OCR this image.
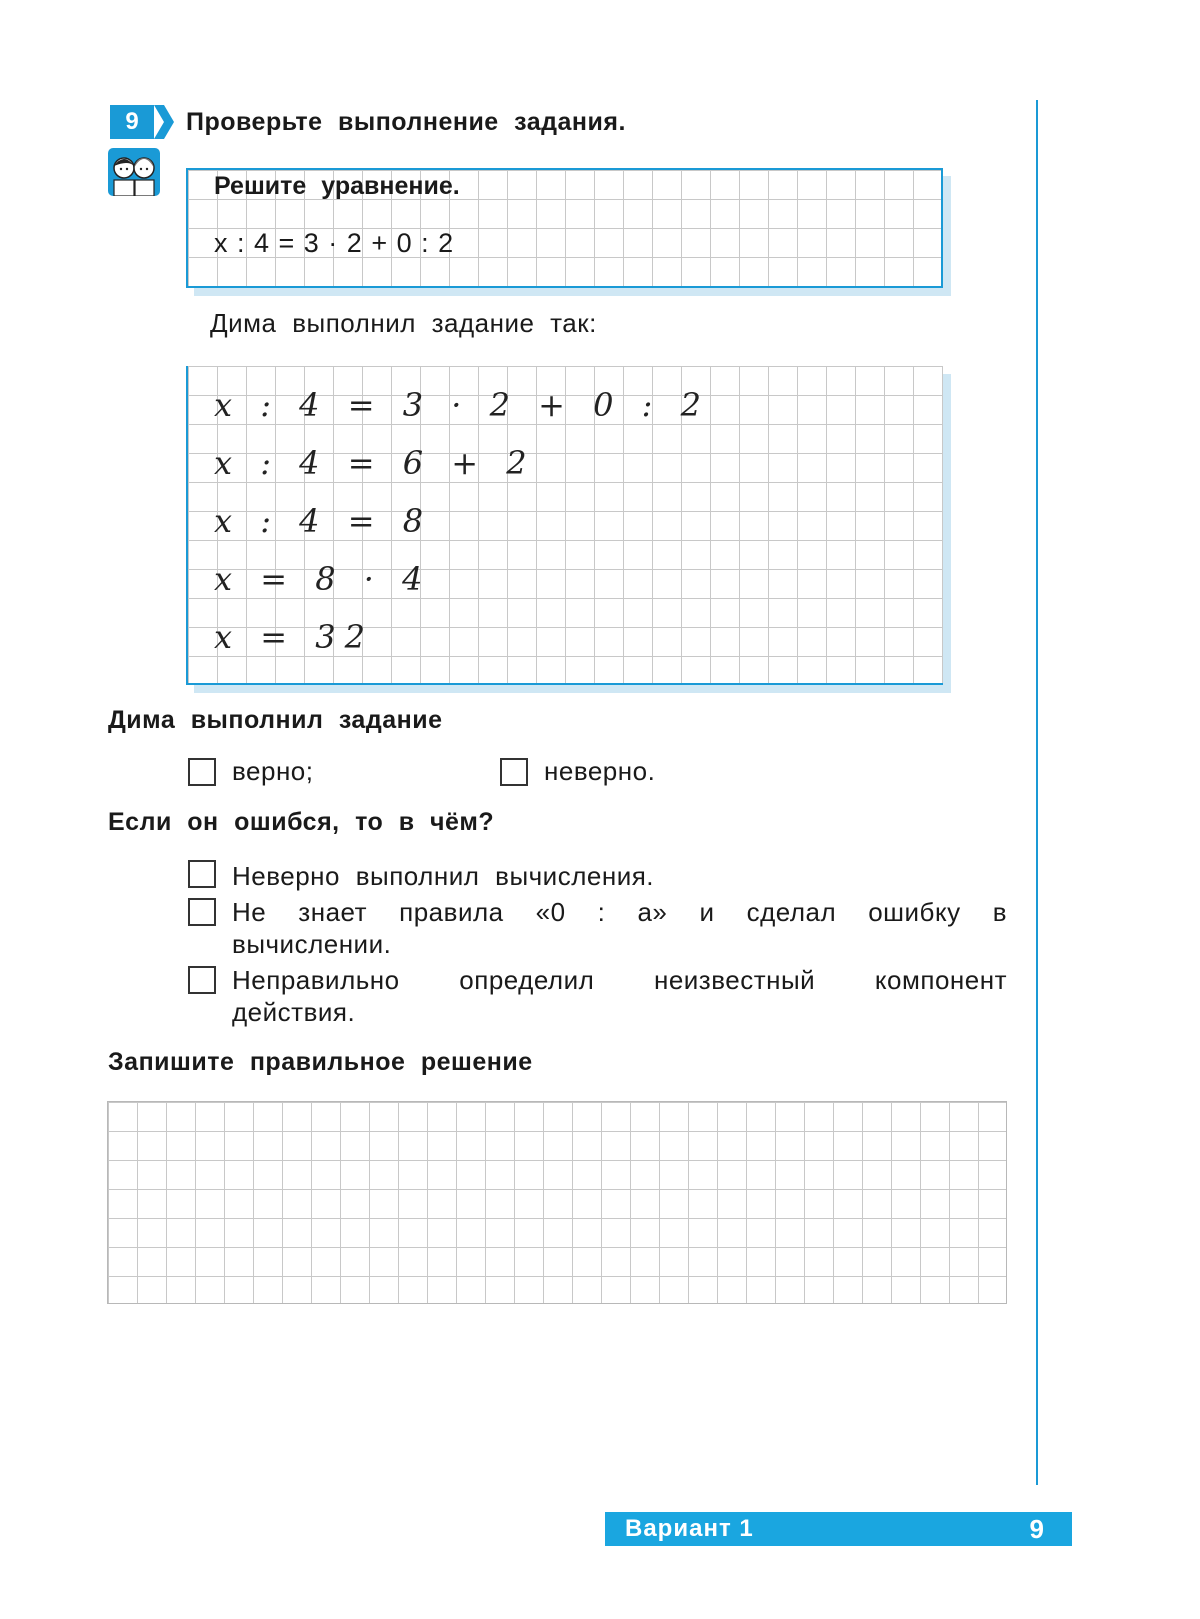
9	Проверьте выполнение задания.
Решите уравнение.
x : 4 = 3 · 2 + 0 : 2
Дима выполнил задание так:
x : 4 = 3 · 2 + 0 : 2
x : 4 = 6 + 2
x : 4 = 8
x = 8 · 4
x = 32
Дима выполнил задание
верно;	неверно.
Если он ошибся, то в чём?
Неверно выполнил вычисления.
Не знает правила «0 : а» и сделал ошибку в вычислении.
Неправильно определил неизвестный компонент действия.
Запишите правильное решение
Вариант 1	9
